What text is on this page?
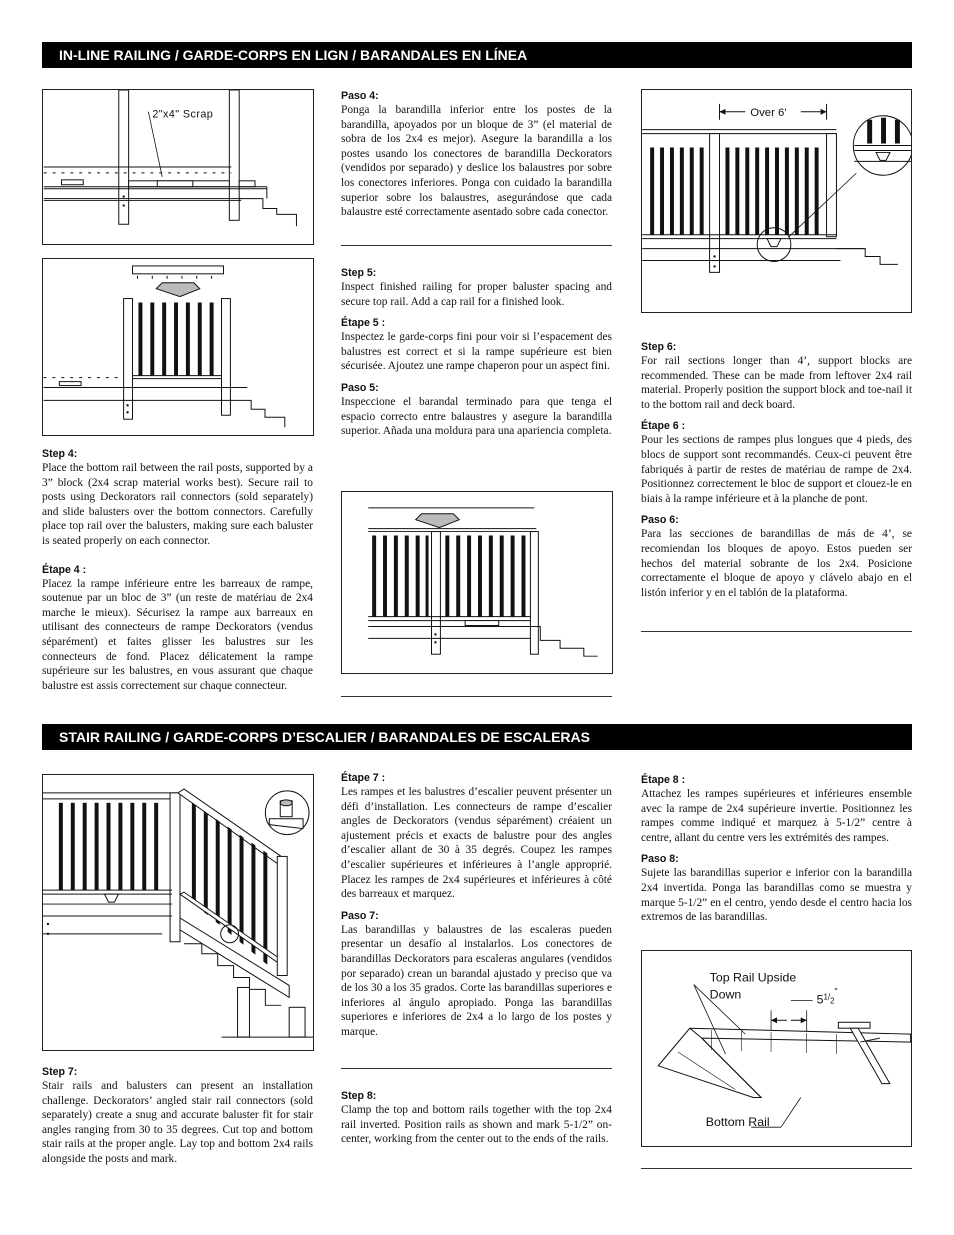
IN-LINE RAILING / GARDE-CORPS EN LIGN / BARANDALES EN LÍNEA
2"x4" Scrap

Step 4:

Place the bottom rail between the rail posts, supported by a 3” block (2x4 scrap material works best). Secure rail to posts using Deckorators rail connectors (sold separately) and slide balusters over the bottom connectors. Carefully place top rail over the balusters, making sure each baluster is seated properly on each connector.

Étape 4 :

Placez la rampe inférieure entre les barreaux de rampe, soutenue par un bloc de 3” (un reste de matériau de 2x4 marche le mieux). Sécurisez la rampe aux barreaux en utilisant des connecteurs de rampe Deckorators (vendus séparément) et faites glisser les balustres sur les connecteurs de fond. Placez délicatement la rampe supérieure sur les balustres, en vous assurant que chaque balustre est assis correctement sur chaque connecteur.

Paso 4:

Ponga la barandilla inferior entre los postes de la barandilla, apoyados por un bloque de 3” (el material de sobra de los 2x4 es mejor). Asegure la barandilla a los postes usando los conectores de barandilla Deckorators (vendidos por separado) y deslice los balaustres por sobre los conectores inferiores. Ponga con cuidado la barandilla superior sobre los balaustres, asegurándose que cada balaustre esté correctamente asentado sobre cada conector.

Step 5:

Inspect finished railing for proper baluster spacing and secure top rail. Add a cap rail for a finished look.

Étape 5 :

Inspectez le garde-corps fini pour voir si l’espacement des balustres est correct et si la rampe supérieure est bien sécurisée. Ajoutez une rampe chaperon pour un aspect fini.

Paso 5:

Inspeccione el barandal terminado para que tenga el espacio correcto entre balaustres y asegure la barandilla superior. Añada una moldura para una apariencia completa.

Over 6'

Step 6:

For rail sections longer than 4’, support blocks are recommended. These can be made from leftover 2x4 rail material. Properly position the support block and toe-nail it to the bottom rail and deck board.

Étape 6 :

Pour les sections de rampes plus longues que 4 pieds, des blocs de support sont recommandés. Ceux-ci peuvent être fabriqués à partir de restes de matériau de rampe de 2x4. Positionnez correctement le bloc de support et clouez-le en biais à la rampe inférieure et à la planche de pont.

Paso 6:

Para las secciones de barandillas de más de 4’, se recomiendan los bloques de apoyo. Estos pueden ser hechos del material sobrante de los 2x4. Posicione correctamente el bloque de apoyo y clávelo abajo en el listón inferior y en el tablón de la plataforma.

STAIR RAILING / GARDE-CORPS D’ESCALIER / BARANDALES DE ESCALERAS

Step 7:

Stair rails and balusters can present an installation challenge. Deckorators’ angled stair rail connectors (sold separately) create a snug and accurate baluster fit for stair angles ranging from 30 to 35 degrees. Cut top and bottom stair rails at the proper angle. Lay top and bottom 2x4 rails alongside the posts and mark.

Étape 7 :

Les rampes et les balustres d’escalier peuvent présenter un défi d’installation. Les connecteurs de rampe d’escalier angles de Deckorators (vendus séparément) créaient un ajustement précis et exacts de balustre pour des angles d’escalier allant de 30 à 35 degrés. Coupez les rampes d’escalier supérieures et inférieures à l’angle approprié. Placez les rampes de 2x4 supérieures et inférieures à côté des barreaux et marquez.

Paso 7:

Las barandillas y balaustres de las escaleras pueden presentar un desafío al instalarlos. Los conectores de barandillas Deckorators para escaleras angulares (vendidos por separado) crean un barandal ajustado y preciso que va de los 30 a los 35 grados. Corte las barandillas superiores e inferiores al ángulo apropiado. Ponga las barandillas superiores e inferiores de 2x4 a lo largo de los postes y marque.

Step 8:

Clamp the top and bottom rails together with the top 2x4 rail inverted. Position rails as shown and mark 5-1/2” on-center, working from the center out to the ends of the rails.

Étape 8 :

Attachez les rampes supérieures et inférieures ensemble avec la rampe de 2x4 supérieure invertie. Positionnez les rampes comme indiqué et marquez à 5-1/2” centre à centre, allant du centre vers les extrémités des rampes.

Paso 8:

Sujete las barandillas superior e inferior con la barandilla 2x4 invertida. Ponga las barandillas como se muestra y marque 5-1/2” en el centro, yendo desde el centro hacia los extremos de las barandillas.

Top Rail Upside
Down	$5^1/_2^"$
Bottom Rail
